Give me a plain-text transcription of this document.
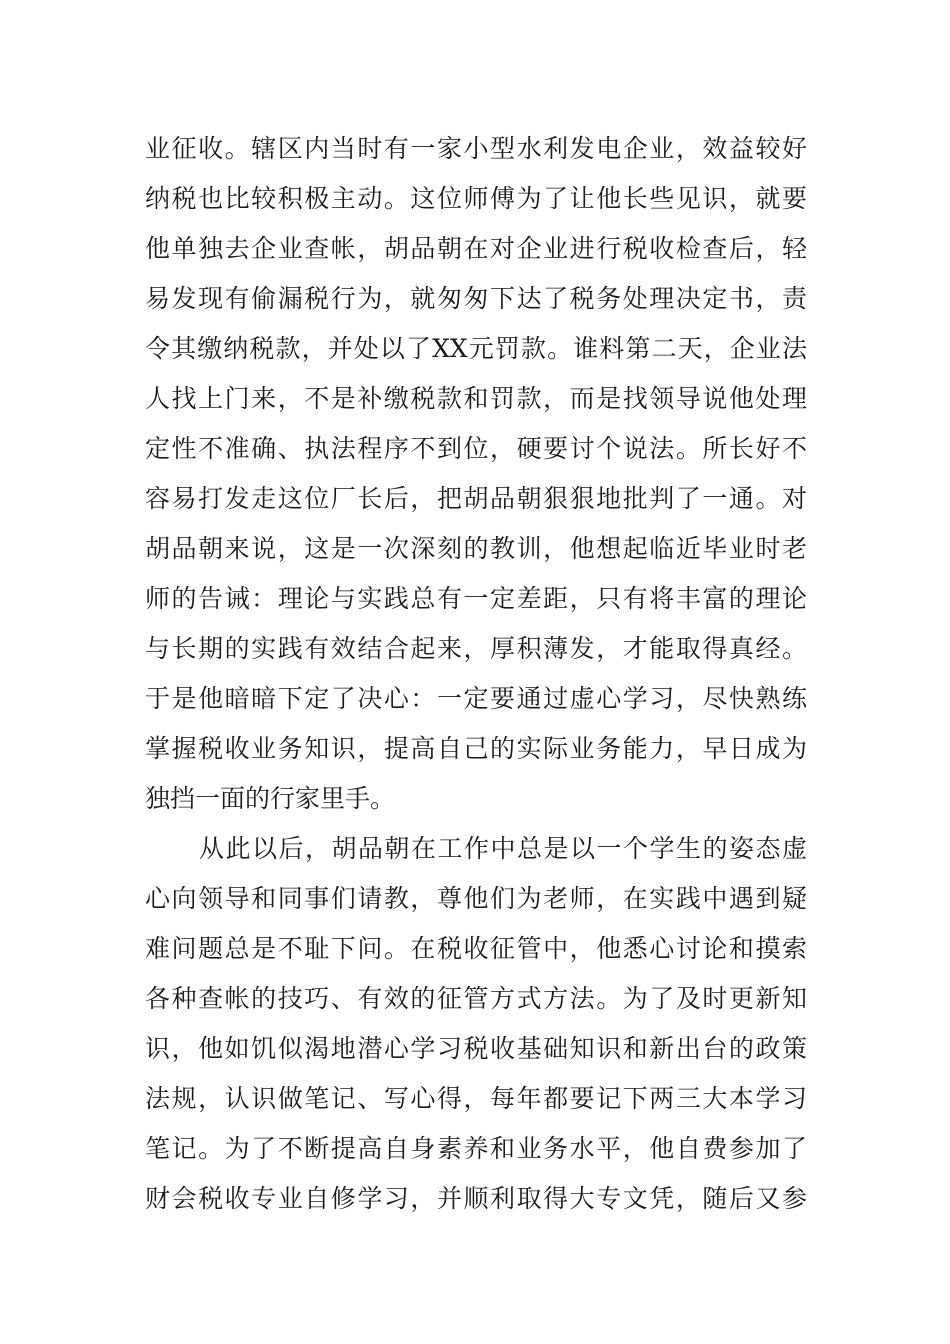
业征收。辖区内当时有一家小型水利发电企业，效益较好
纳税也比较积极主动。这位师傅为了让他长些见识，就要
他单独去企业查帐，胡品朝在对企业进行税收检查后，轻
易发现有偷漏税行为，就匆匆下达了税务处理决定书，责
令其缴纳税款，并处以了XX元罚款。谁料第二天，企业法
人找上门来，不是补缴税款和罚款，而是找领导说他处理
定性不准确、执法程序不到位，硬要讨个说法。所长好不
容易打发走这位厂长后，把胡品朝狠狠地批判了一通。对
胡品朝来说，这是一次深刻的教训，他想起临近毕业时老
师的告诫：理论与实践总有一定差距，只有将丰富的理论
与长期的实践有效结合起来，厚积薄发，才能取得真经。
于是他暗暗下定了决心：一定要通过虚心学习，尽快熟练
掌握税收业务知识，提高自己的实际业务能力，早日成为
独挡一面的行家里手。
从此以后，胡品朝在工作中总是以一个学生的姿态虚
心向领导和同事们请教，尊他们为老师，在实践中遇到疑
难问题总是不耻下问。在税收征管中，他悉心讨论和摸索
各种查帐的技巧、有效的征管方式方法。为了及时更新知
识，他如饥似渴地潜心学习税收基础知识和新出台的政策
法规，认识做笔记、写心得，每年都要记下两三大本学习
笔记。为了不断提高自身素养和业务水平，他自费参加了
财会税收专业自修学习，并顺利取得大专文凭，随后又参
